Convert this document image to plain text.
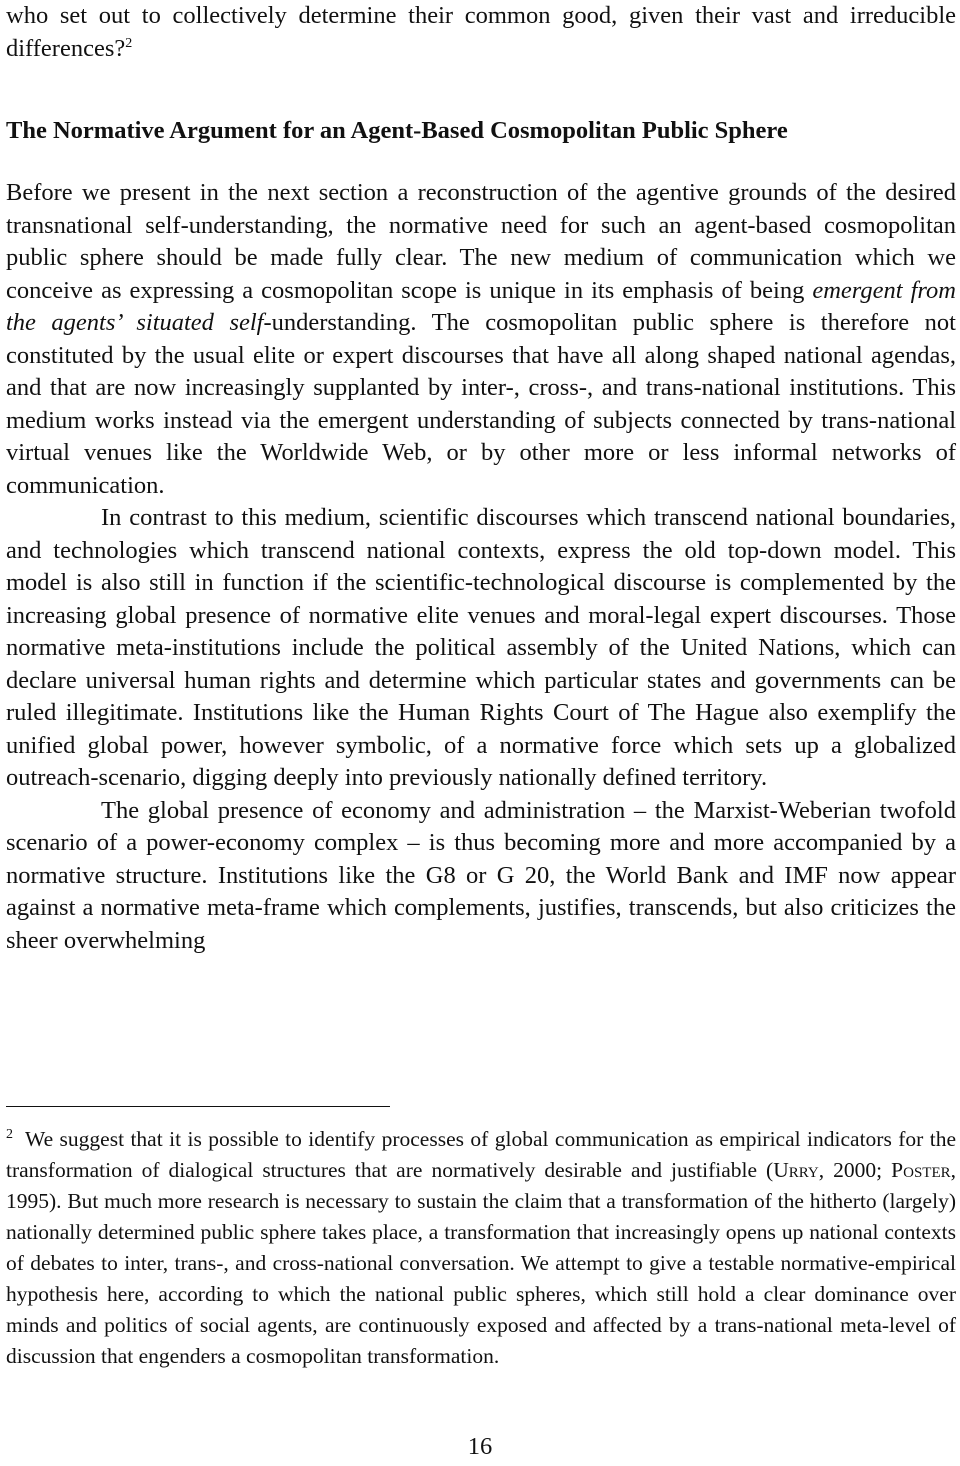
who set out to collectively determine their common good, given their vast and irreducible differences?$^2$

The Normative Argument for an Agent-Based Cosmopolitan Public Sphere

Before we present in the next section a reconstruction of the agentive grounds of the desired transnational self-understanding, the normative need for such an agent-based cosmopolitan public sphere should be made fully clear. The new medium of communication which we conceive as expressing a cosmopolitan scope is unique in its emphasis of being emergent from the agents’ situated self-understanding. The cosmopolitan public sphere is therefore not constituted by the usual elite or expert discourses that have all along shaped national agendas, and that are now increasingly supplanted by inter-, cross-, and trans-national institutions. This medium works instead via the emergent understanding of subjects connected by trans-national virtual venues like the Worldwide Web, or by other more or less informal networks of communication.

In contrast to this medium, scientific discourses which transcend national boundaries, and technologies which transcend national contexts, express the old top-down model. This model is also still in function if the scientific-technological discourse is complemented by the increasing global presence of normative elite venues and moral-legal expert discourses. Those normative meta-institutions include the political assembly of the United Nations, which can declare universal human rights and determine which particular states and governments can be ruled illegitimate. Institutions like the Human Rights Court of The Hague also exemplify the unified global power, however symbolic, of a normative force which sets up a globalized outreach-scenario, digging deeply into previously nationally defined territory.

The global presence of economy and administration – the Marxist-Weberian twofold scenario of a power-economy complex – is thus becoming more and more accompanied by a normative structure. Institutions like the G8 or G 20, the World Bank and IMF now appear against a normative meta-frame which complements, justifies, transcends, but also criticizes the sheer overwhelming

$^2$ We suggest that it is possible to identify processes of global communication as empirical indicators for the transformation of dialogical structures that are normatively desirable and justifiable (Urry, 2000; Poster, 1995). But much more research is necessary to sustain the claim that a transformation of the hitherto (largely) nationally determined public sphere takes place, a transformation that increasingly opens up national contexts of debates to inter, trans-, and cross-national conversation. We attempt to give a testable normative-empirical hypothesis here, according to which the national public spheres, which still hold a clear dominance over minds and politics of social agents, are continuously exposed and affected by a trans-national meta-level of discussion that engenders a cosmopolitan transformation.
16
